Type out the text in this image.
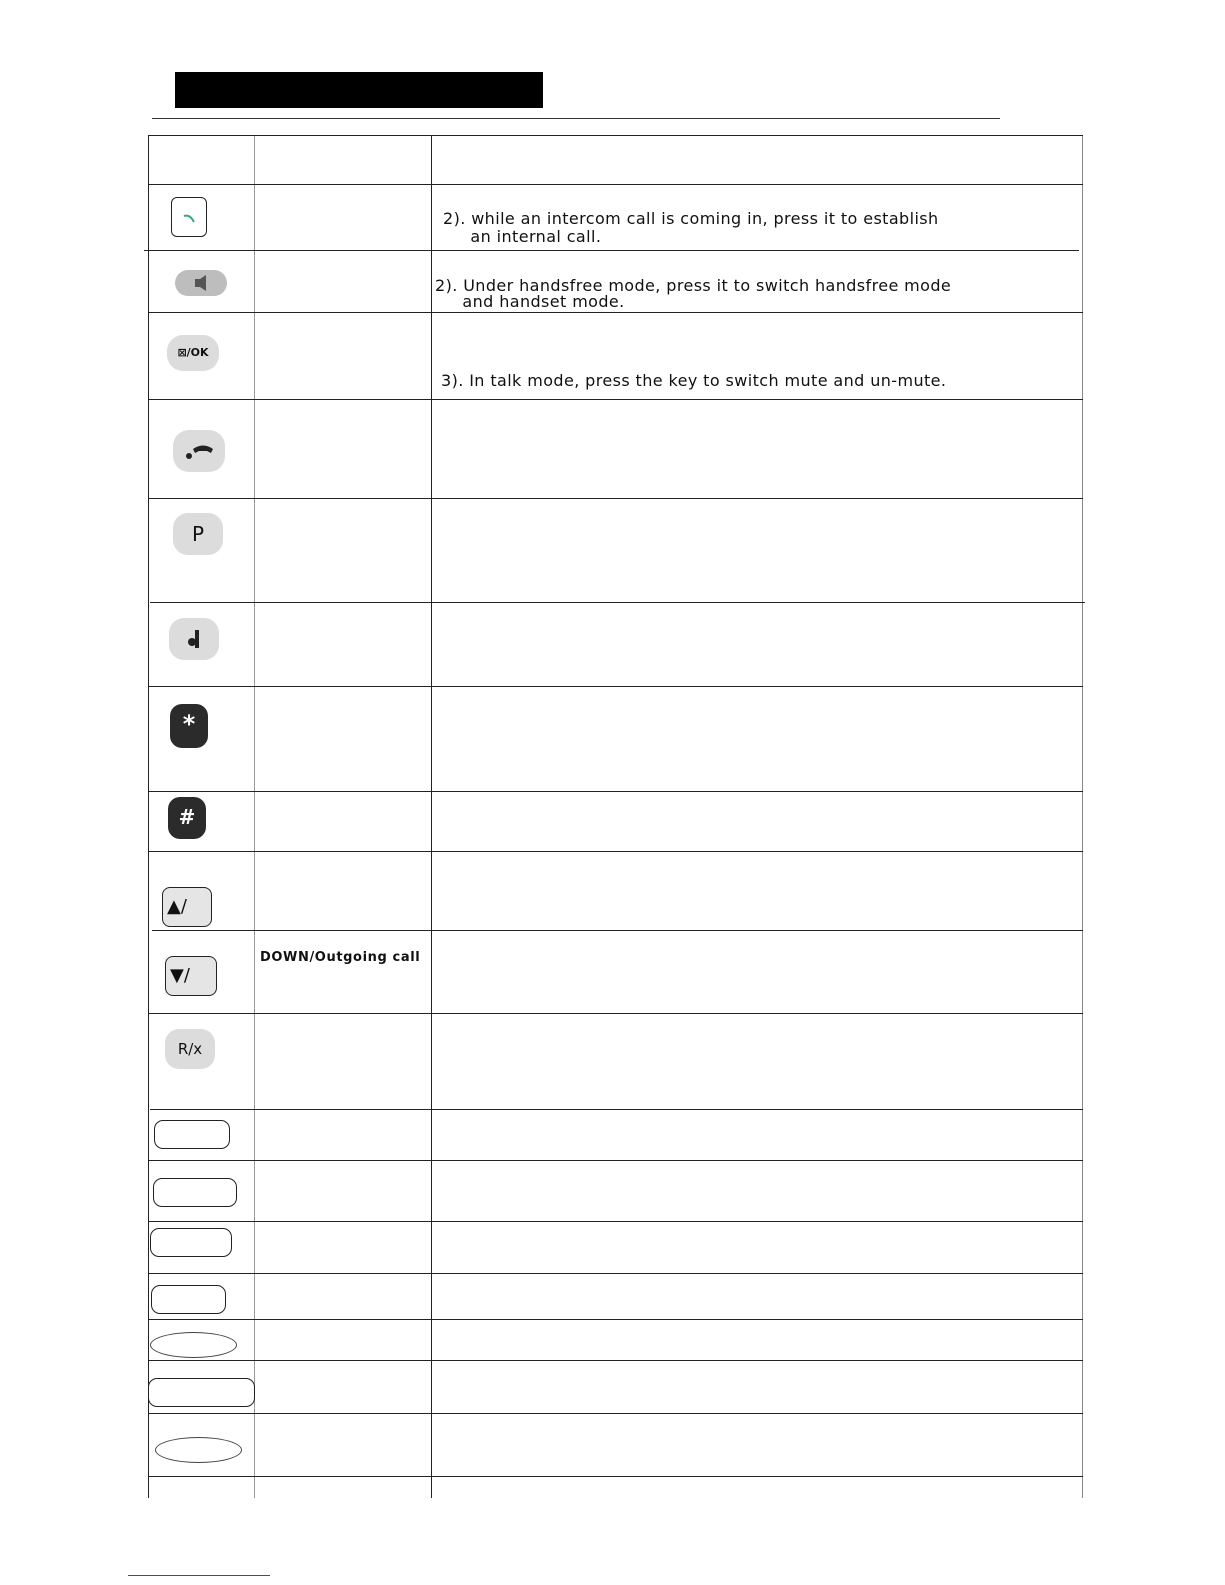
2). while an intercom call is coming in, press it to establish
an internal call.
2). Under handsfree mode, press it to switch handsfree mode
and handset mode.
⊠/OK
3). In talk mode, press the key to switch mute and un-mute.
P
*
#
▲/
▼/
DOWN/Outgoing call
R/x
